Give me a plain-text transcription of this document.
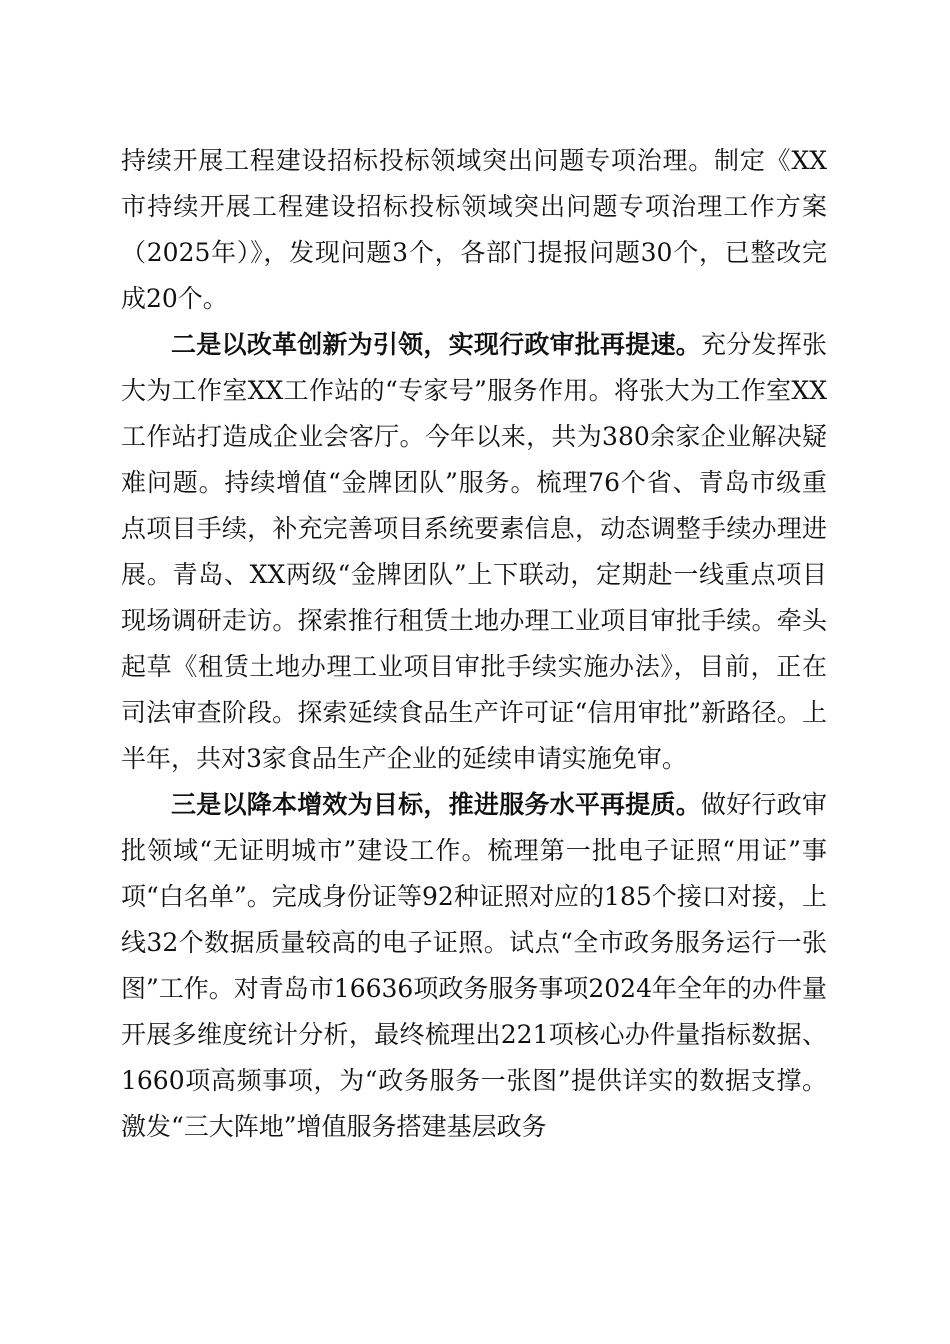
持续开展工程建设招标投标领域突出问题专项治理。制定《XX市持续开展工程建设招标投标领域突出问题专项治理工作方案（2025年）》，发现问题3个，各部门提报问题30个，已整改完成20个。

二是以改革创新为引领，实现行政审批再提速。充分发挥张大为工作室XX工作站的“专家号”服务作用。将张大为工作室XX工作站打造成企业会客厅。今年以来，共为380余家企业解决疑难问题。持续增值“金牌团队”服务。梳理76个省、青岛市级重点项目手续，补充完善项目系统要素信息，动态调整手续办理进展。青岛、XX两级“金牌团队”上下联动，定期赴一线重点项目现场调研走访。探索推行租赁土地办理工业项目审批手续。牵头起草《租赁土地办理工业项目审批手续实施办法》，目前，正在司法审查阶段。探索延续食品生产许可证“信用审批”新路径。上半年，共对3家食品生产企业的延续申请实施免审。

三是以降本增效为目标，推进服务水平再提质。做好行政审批领域“无证明城市”建设工作。梳理第一批电子证照“用证”事项“白名单”。完成身份证等92种证照对应的185个接口对接，上线32个数据质量较高的电子证照。试点“全市政务服务运行一张图”工作。对青岛市16636项政务服务事项2024年全年的办件量开展多维度统计分析，最终梳理出221项核心办件量指标数据、1660项高频事项，为“政务服务一张图”提供详实的数据支撑。激发“三大阵地”增值服务搭建基层政务
